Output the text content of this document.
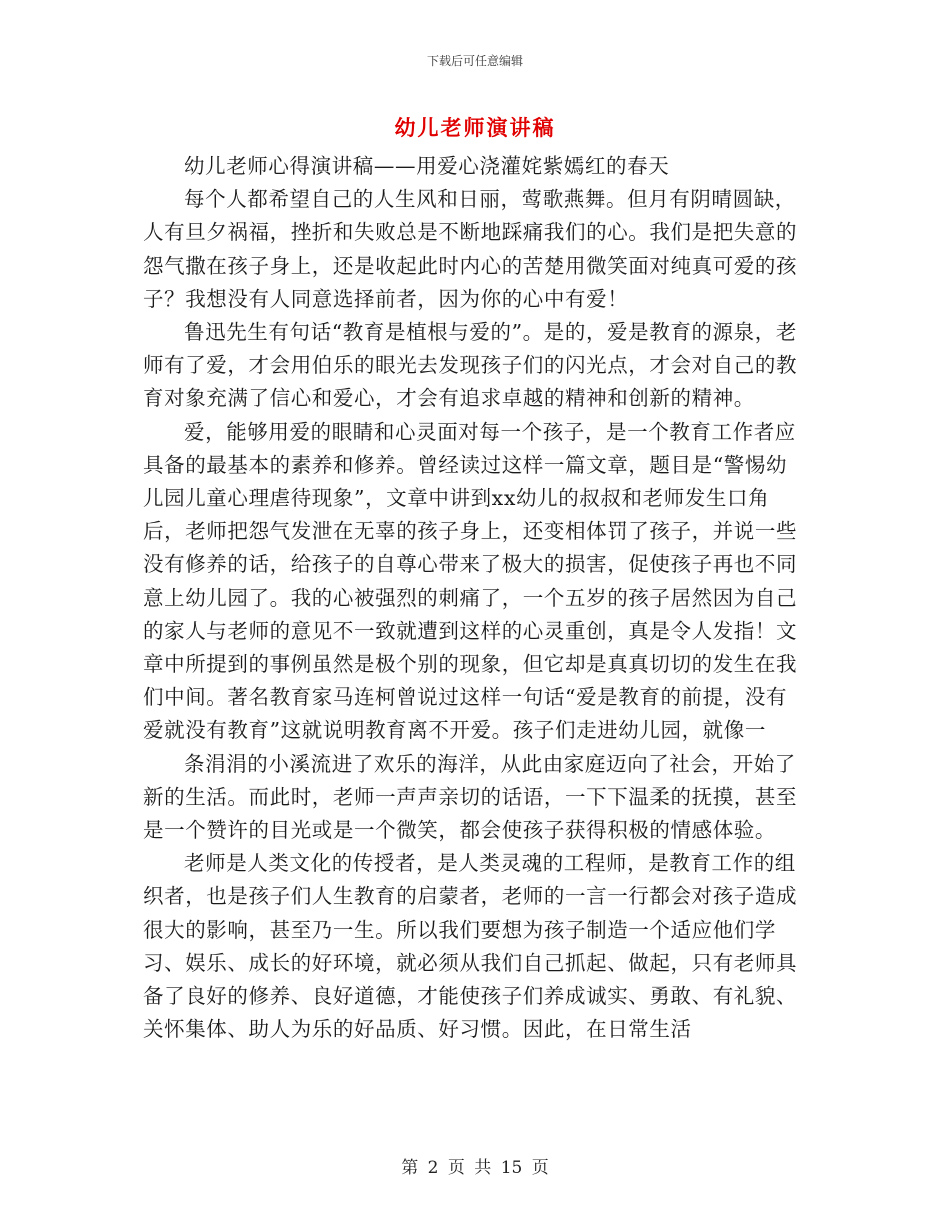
下载后可任意编辑
幼儿老师演讲稿

幼儿老师心得演讲稿——用爱心浇灌姹紫嫣红的春天

每个人都希望自己的人生风和日丽，莺歌燕舞。但月有阴晴圆缺，人有旦夕祸福，挫折和失败总是不断地踩痛我们的心。我们是把失意的怨气撒在孩子身上，还是收起此时内心的苦楚用微笑面对纯真可爱的孩子？我想没有人同意选择前者，因为你的心中有爱！

鲁迅先生有句话“教育是植根与爱的”。是的，爱是教育的源泉，老师有了爱，才会用伯乐的眼光去发现孩子们的闪光点，才会对自己的教育对象充满了信心和爱心，才会有追求卓越的精神和创新的精神。

爱，能够用爱的眼睛和心灵面对每一个孩子，是一个教育工作者应具备的最基本的素养和修养。曾经读过这样一篇文章，题目是“警惕幼儿园儿童心理虐待现象”，文章中讲到xx幼儿的叔叔和老师发生口角后，老师把怨气发泄在无辜的孩子身上，还变相体罚了孩子，并说一些没有修养的话，给孩子的自尊心带来了极大的损害，促使孩子再也不同意上幼儿园了。我的心被强烈的刺痛了，一个五岁的孩子居然因为自己的家人与老师的意见不一致就遭到这样的心灵重创，真是令人发指！文章中所提到的事例虽然是极个别的现象，但它却是真真切切的发生在我们中间。著名教育家马连柯曾说过这样一句话“爱是教育的前提，没有爱就没有教育”这就说明教育离不开爱。孩子们走进幼儿园，就像一

条涓涓的小溪流进了欢乐的海洋，从此由家庭迈向了社会，开始了新的生活。而此时，老师一声声亲切的话语，一下下温柔的抚摸，甚至是一个赞许的目光或是一个微笑，都会使孩子获得积极的情感体验。

老师是人类文化的传授者，是人类灵魂的工程师，是教育工作的组织者，也是孩子们人生教育的启蒙者，老师的一言一行都会对孩子造成很大的影响，甚至乃一生。所以我们要想为孩子制造一个适应他们学习、娱乐、成长的好环境，就必须从我们自己抓起、做起，只有老师具备了良好的修养、良好道德，才能使孩子们养成诚实、勇敢、有礼貌、关怀集体、助人为乐的好品质、好习惯。因此，在日常生活

第 2 页 共 15 页
